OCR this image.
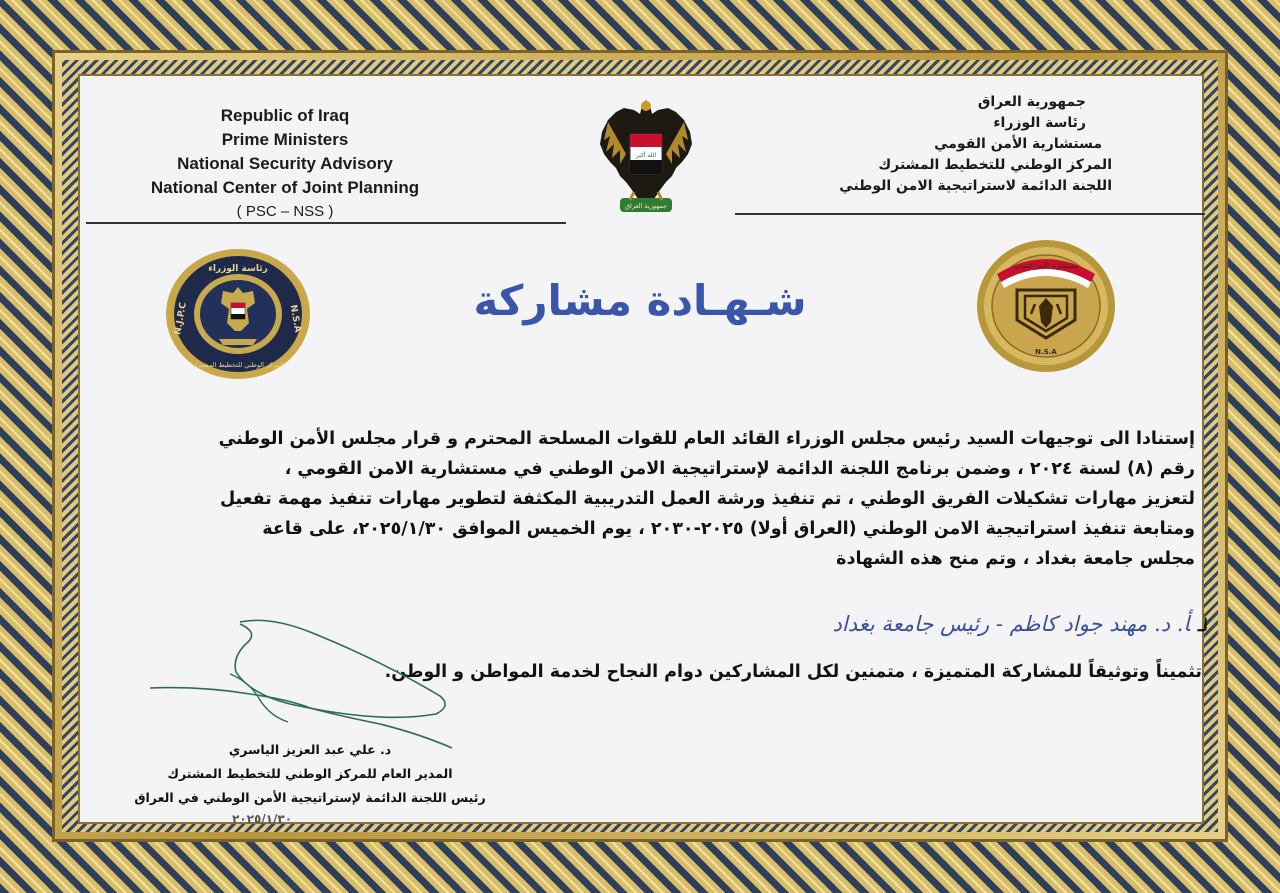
Republic of Iraq
Prime Ministers
National Security Advisory
National Center of Joint Planning
( PSC – NSS )
جمهورية العراق
رئاسة الوزراء
مستشارية الأمن القومي
المركز الوطني للتخطيط المشترك
اللجنة الدائمة لاستراتيجية الامن الوطني
الله أكبر
جمهورية العراق
رئاسة الوزراء
N.J.P.C	N.S.A
المركز الوطني للتخطيط المشترك
مستشارية الأمن القومي
N.S.A
شـهـادة مشاركة

إستنادا الى توجيهات السيد رئيس مجلس الوزراء القائد العام للقوات المسلحة المحترم و قرار مجلس الأمن الوطني

رقم (٨) لسنة ٢٠٢٤ ، وضمن برنامج اللجنة الدائمة لإستراتيجية الامن الوطني في مستشارية الامن القومي ،

لتعزيز مهارات تشكيلات الفريق الوطني ، تم تنفيذ ورشة العمل التدريبية المكثفة لتطوير مهارات تنفيذ مهمة تفعيل

ومتابعة تنفيذ استراتيجية الامن الوطني (العراق أولا) ٢٠٢٥-٢٠٣٠ ، يوم الخميس الموافق ٢٠٢٥/١/٣٠، على قاعة

مجلس جامعة بغداد ، وتم منح هذه الشهادة

لـأ. د. مهند جواد كاظم - رئيس جامعة بغداد
تثميناً وتوثيقاً للمشاركة المتميزة ، متمنين لكل المشاركين دوام النجاح لخدمة المواطن و الوطن.
د. علي عبد العزيز الياسري
المدير العام للمركز الوطني للتخطيط المشترك
رئيس اللجنة الدائمة لإستراتيجية الأمن الوطني في العراق
٢٠٢٥/١/٣٠
